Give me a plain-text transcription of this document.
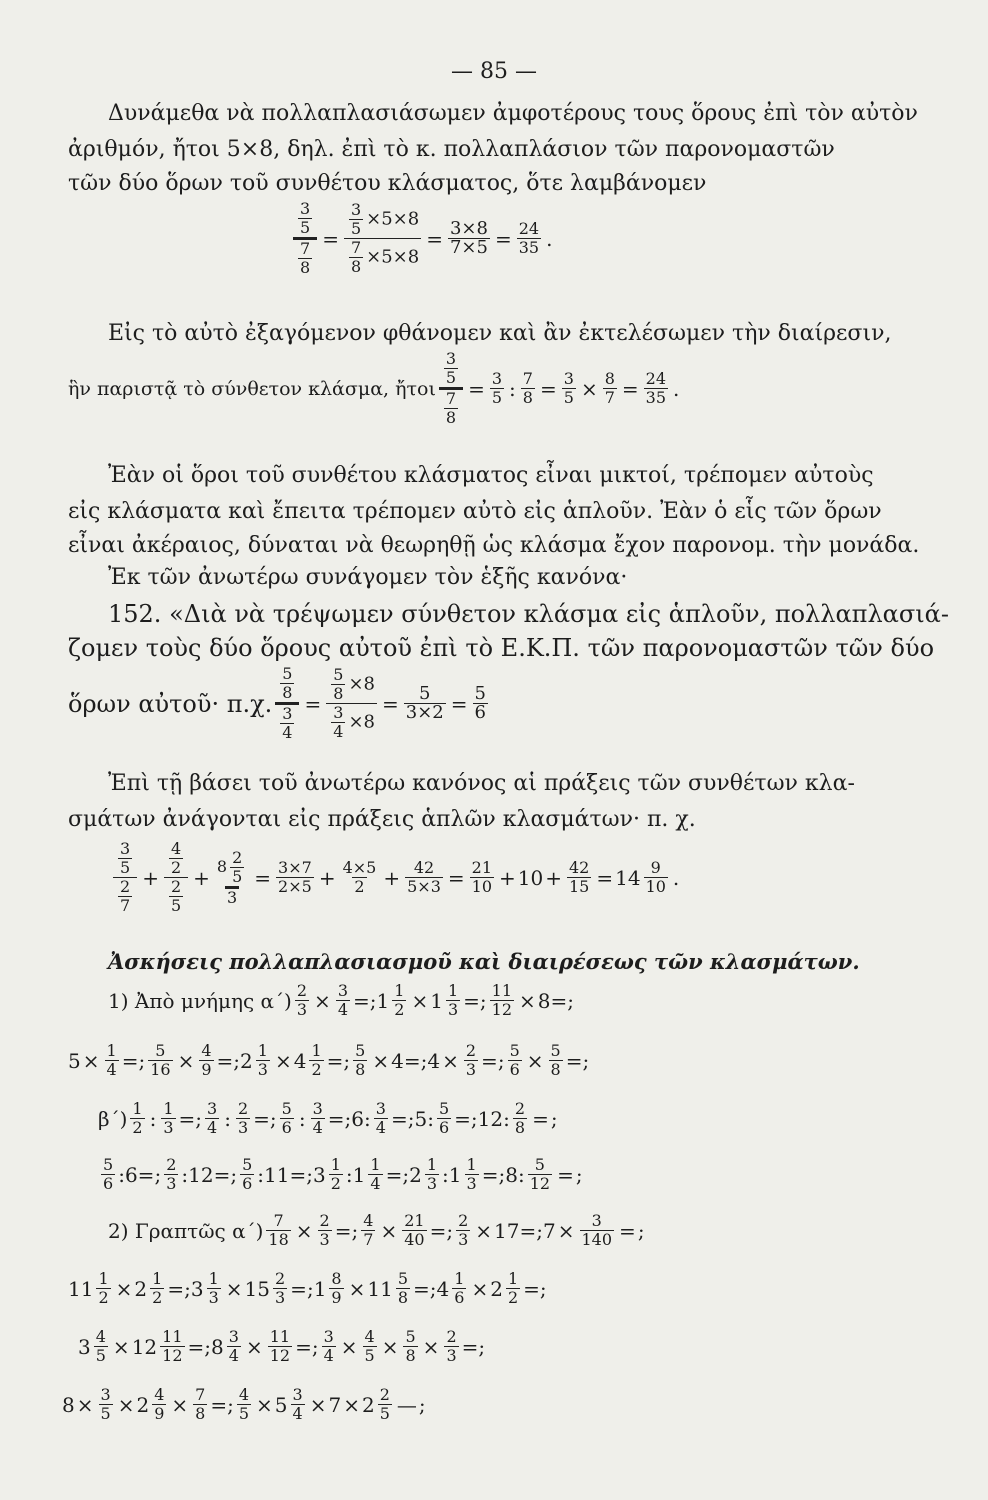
— 85 —
Δυνάμεθα νὰ πολλαπλασιάσωμεν ἀμφοτέρους τους ὅρους ἐπὶ τὸν αὐτὸν
ἀριθμόν, ἤτοι 5×8, δηλ. ἐπὶ τὸ κ. πολλαπλάσιον τῶν παρονομαστῶν
τῶν δύο ὅρων τοῦ συνθέτου κλάσματος, ὅτε λαμβάνομεν
$\frac{\frac{3}{5}}{\frac{7}{8}} = \frac{\frac{3}{5} \times 5\times 8}{\frac{7}{8} \times 5\times 8} = \frac{3\times 8}{7\times 5} = \frac{24}{35}$ .
Εἰς τὸ αὐτὸ ἐξαγόμενον φθάνομεν καὶ ἂν ἐκτελέσωμεν τὴν διαίρεσιν,
ἣν παριστᾷ τὸ σύνθετον κλάσμα, ἤτοι $\frac{\frac{3}{5}}{\frac{7}{8}} = \frac{3}{5}$ : $\frac{7}{8} = \frac{3}{5} \times \frac{8}{7} = \frac{24}{35}$ .
Ἐὰν οἱ ὅροι τοῦ συνθέτου κλάσματος εἶναι μικτοί, τρέπομεν αὐτοὺς
εἰς κλάσματα καὶ ἔπειτα τρέπομεν αὐτὸ εἰς ἁπλοῦν. Ἐὰν ὁ εἷς τῶν ὅρων
εἶναι ἀκέραιος, δύναται νὰ θεωρηθῇ ὡς κλάσμα ἔχον παρονομ. τὴν μονάδα.
Ἐκ τῶν ἀνωτέρω συνάγομεν τὸν ἑξῆς κανόνα·
152. «Διὰ νὰ τρέψωμεν σύνθετον κλάσμα εἰς ἁπλοῦν, πολλαπλασιά-
ζομεν τοὺς δύο ὅρους αὐτοῦ ἐπὶ τὸ Ε.Κ.Π. τῶν παρονομαστῶν τῶν δύο
ὅρων αὐτοῦ· π.χ. $\frac{\frac{5}{8}}{\frac{3}{4}} = \frac{\frac{5}{8} \times 8}{\frac{3}{4} \times 8} = \frac{5}{3\times 2} = \frac{5}{6}$
Ἐπὶ τῇ βάσει τοῦ ἀνωτέρω κανόνος αἱ πράξεις τῶν συνθέτων κλα-
σμάτων ἀνάγονται εἰς πράξεις ἁπλῶν κλασμάτων· π. χ.
$\frac{3}{5}$
$\frac{2}{7}$
+ $\frac{\frac{4}{2}}{\frac{2}{5}} + \frac{8 \frac{2}{5}}{3} = \frac{3\times 7}{2\times 5} + \frac{4\times 5}{2} + \frac{42}{5\times 3} = \frac{21}{10} + 10 + \frac{42}{15} = 14$ 9
10 .
Ἀσκήσεις πολλαπλασιασμοῦ καὶ διαιρέσεως τῶν κλασμάτων.
1) Ἀπὸ μνήμης $\alpha΄) \frac{2}{3} \times \frac{3}{4}$ = ; $1 \frac{1}{2} \times 1 \frac{1}{3}$ = ; $\frac{11}{12} \times 8$ = ;
$5 \times \frac{1}{4}$ = ; $\frac{5}{16} \times \frac{4}{9}$ = ; $2 \frac{1}{3} \times 4 \frac{1}{2}$ = ; $\frac{5}{8} \times 4$ = ; $4 \times \frac{2}{3}$ = ; $\frac{5}{6} \times \frac{5}{8}$ = ;
β΄) 1
2 : $\frac{1}{3}$ = ; 3
4 : $\frac{2}{3}$ = ; 5
6 : $\frac{3}{4}$ = ; 6 : $\frac{3}{4}$ = ; 5 : $\frac{5}{6}$ = ; 12 : $\frac{2}{8}$ = ;
5
6 : 6 = ; 2
3 : 12 = ; 5
6 : 11 = ; 3 1
2 : $1 \frac{1}{4}$ = ; 2 1
3 : $1 \frac{1}{3}$ = ; 8 : $\frac{5}{12}$ = ;
2) Γραπτῶς $\alpha΄) \frac{7}{18} \times \frac{2}{3}$ = ; $\frac{4}{7} \times \frac{21}{40}$ = ; $\frac{2}{3} \times 17$ = ; $7 \times \frac{3}{140}$ = ;
$11 \frac{1}{2} \times 2 \frac{1}{2}$ = ; $3 \frac{1}{3} \times 15 \frac{2}{3}$ = ; $1 \frac{8}{9} \times 11 \frac{5}{8}$ = ; $4 \frac{1}{6} \times 2 \frac{1}{2}$ = ;
$3 \frac{4}{5} \times 12 \frac{11}{12}$ = ; $8 \frac{3}{4} \times \frac{11}{12}$ = ; $\frac{3}{4} \times \frac{4}{5} \times \frac{5}{8} \times \frac{2}{3}$ = ;
$8 \times \frac{3}{5} \times 2 \frac{4}{9} \times \frac{7}{8}$ = ; $\frac{4}{5} \times 5 \frac{3}{4} \times 7 \times 2$ 2
5 — ;
